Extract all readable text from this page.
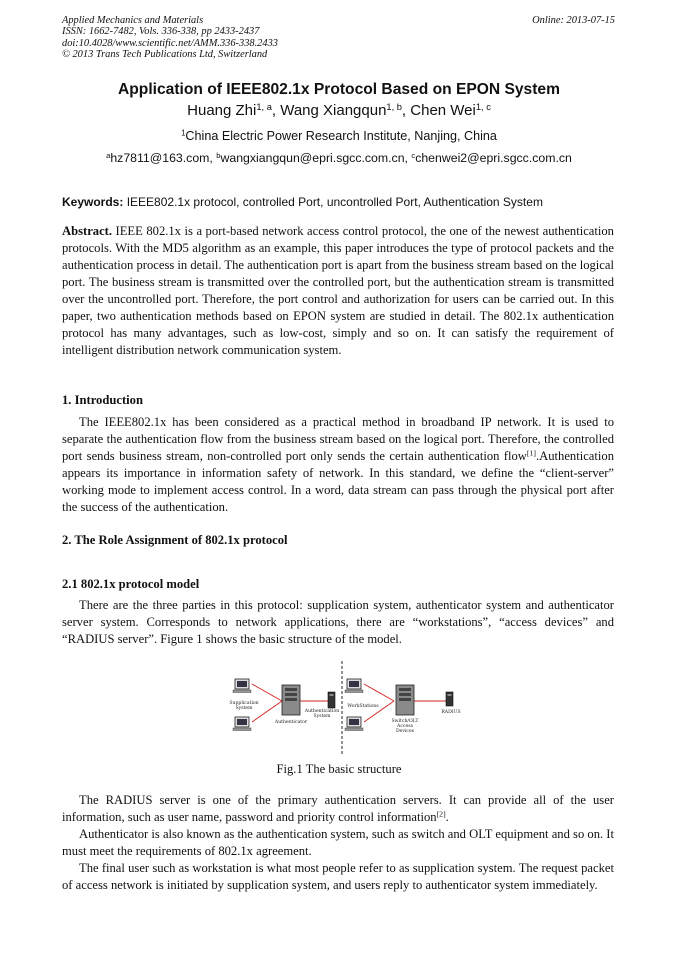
Applied Mechanics and Materials
ISSN: 1662-7482, Vols. 336-338, pp 2433-2437
doi:10.4028/www.scientific.net/AMM.336-338.2433
© 2013 Trans Tech Publications Ltd, Switzerland
Online: 2013-07-15
Application of IEEE802.1x Protocol Based on EPON System
Huang Zhi$^{1, a}$, Wang Xiangqun$^{1, b}$, Chen Wei$^{1, c}$
$^1$China Electric Power Research Institute, Nanjing, China
$^a$hz7811@163.com, $^b$wangxiangqun@epri.sgcc.com.cn, $^c$chenwei2@epri.sgcc.com.cn
Keywords: IEEE802.1x protocol, controlled Port, uncontrolled Port, Authentication System
Abstract. IEEE 802.1x is a port-based network access control protocol, the one of the newest authentication protocols. With the MD5 algorithm as an example, this paper introduces the type of protocol packets and the authentication process in detail. The authentication port is apart from the business stream based on the logical port. The business stream is transmitted over the controlled port, but the authentication stream is transmitted over the uncontrolled port. Therefore, the port control and authorization for users can be carried out. In this paper, two authentication methods based on EPON system are studied in detail. The 802.1x authentication protocol has many advantages, such as low-cost, simply and so on. It can satisfy the requirement of intelligent distribution network communication system.
1. Introduction
The IEEE802.1x has been considered as a practical method in broadband IP network. It is used to separate the authentication flow from the business stream based on the logical port. Therefore, the controlled port sends business stream, non-controlled port only sends the certain authentication flow[1].Authentication appears its importance in information safety of network. In this standard, we define the “client-server” working mode to implement access control. In a word, data stream can pass through the physical port after the success of the authentication.
2. The Role Assignment of 802.1x protocol
2.1 802.1x protocol model
There are the three parties in this protocol: supplication system, authenticator system and authenticator server system. Corresponds to network applications, there are “workstations”, “access devices” and “RADIUS server”. Figure 1 shows the basic structure of the model.
Supplication
System
Authenticator
Authentication
System
WorkStations
Switch/OLT
Access
Devices
RADIUS
Fig.1 The basic structure

The RADIUS server is one of the primary authentication servers. It can provide all of the user information, such as user name, password and priority control information[2].

Authenticator is also known as the authentication system, such as switch and OLT equipment and so on. It must meet the requirements of 802.1x agreement.

The final user such as workstation is what most people refer to as supplication system. The request packet of access network is initiated by supplication system, and users reply to authenticator system immediately.
